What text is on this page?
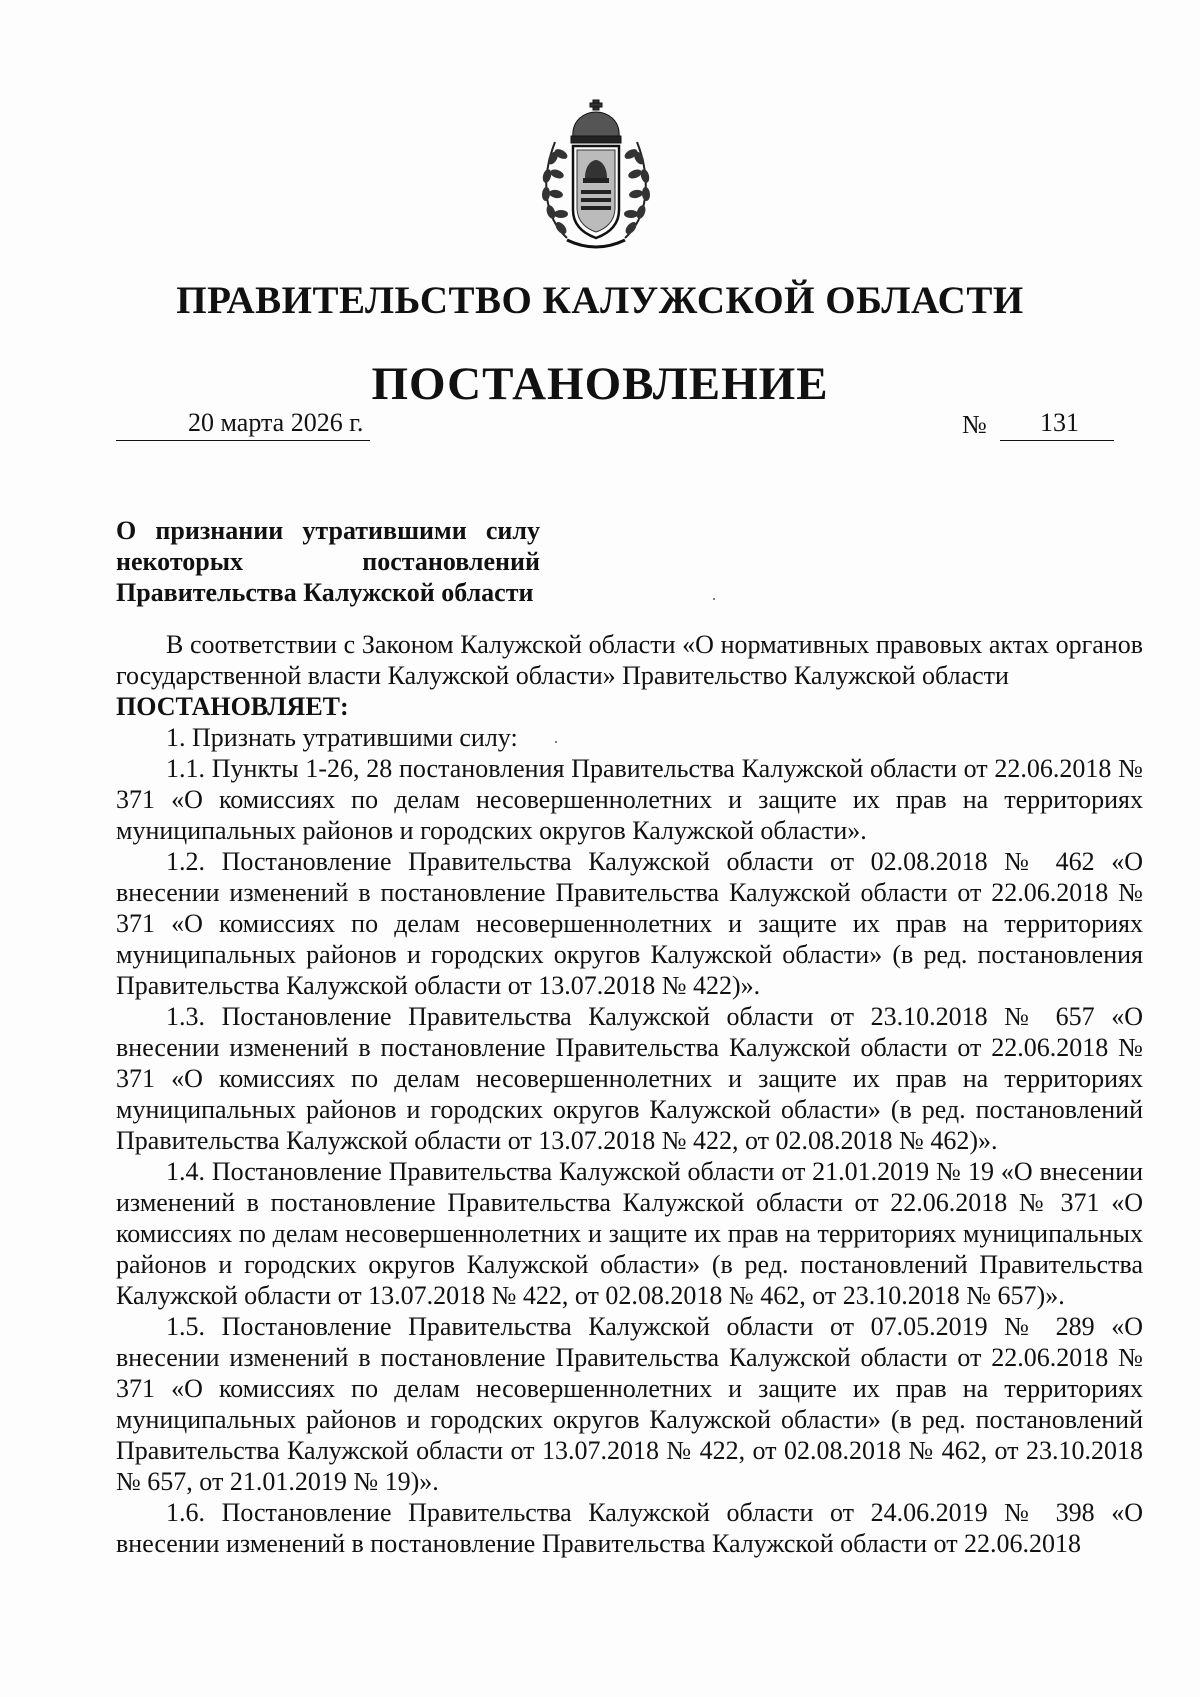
ПРАВИТЕЛЬСТВО КАЛУЖСКОЙ ОБЛАСТИ
ПОСТАНОВЛЕНИЕ
20 марта 2026 г.	№ 131
О признании утратившими силу
некоторых постановлений
Правительства Калужской области

В соответствии с Законом Калужской области «О нормативных правовых актах органов государственной власти Калужской области» Правительство Калужской области

ПОСТАНОВЛЯЕТ:

1. Признать утратившими силу:

1.1. Пункты 1-26, 28 постановления Правительства Калужской области от 22.06.2018 № 371 «О комиссиях по делам несовершеннолетних и защите их прав на территориях муниципальных районов и городских округов Калужской области».

1.2. Постановление Правительства Калужской области от 02.08.2018 № 462 «О внесении изменений в постановление Правительства Калужской области от 22.06.2018 № 371 «О комиссиях по делам несовершеннолетних и защите их прав на территориях муниципальных районов и городских округов Калужской области» (в ред. постановления Правительства Калужской области от 13.07.2018 № 422)».

1.3. Постановление Правительства Калужской области от 23.10.2018 № 657 «О внесении изменений в постановление Правительства Калужской области от 22.06.2018 № 371 «О комиссиях по делам несовершеннолетних и защите их прав на территориях муниципальных районов и городских округов Калужской области» (в ред. постановлений Правительства Калужской области от 13.07.2018 № 422, от 02.08.2018 № 462)».

1.4. Постановление Правительства Калужской области от 21.01.2019 № 19 «О внесении изменений в постановление Правительства Калужской области от 22.06.2018 № 371 «О комиссиях по делам несовершеннолетних и защите их прав на территориях муниципальных районов и городских округов Калужской области» (в ред. постановлений Правительства Калужской области от 13.07.2018 № 422, от 02.08.2018 № 462, от 23.10.2018 № 657)».

1.5. Постановление Правительства Калужской области от 07.05.2019 № 289 «О внесении изменений в постановление Правительства Калужской области от 22.06.2018 № 371 «О комиссиях по делам несовершеннолетних и защите их прав на территориях муниципальных районов и городских округов Калужской области» (в ред. постановлений Правительства Калужской области от 13.07.2018 № 422, от 02.08.2018 № 462, от 23.10.2018 № 657, от 21.01.2019 № 19)».

1.6. Постановление Правительства Калужской области от 24.06.2019 № 398 «О внесении изменений в постановление Правительства Калужской области от 22.06.2018
